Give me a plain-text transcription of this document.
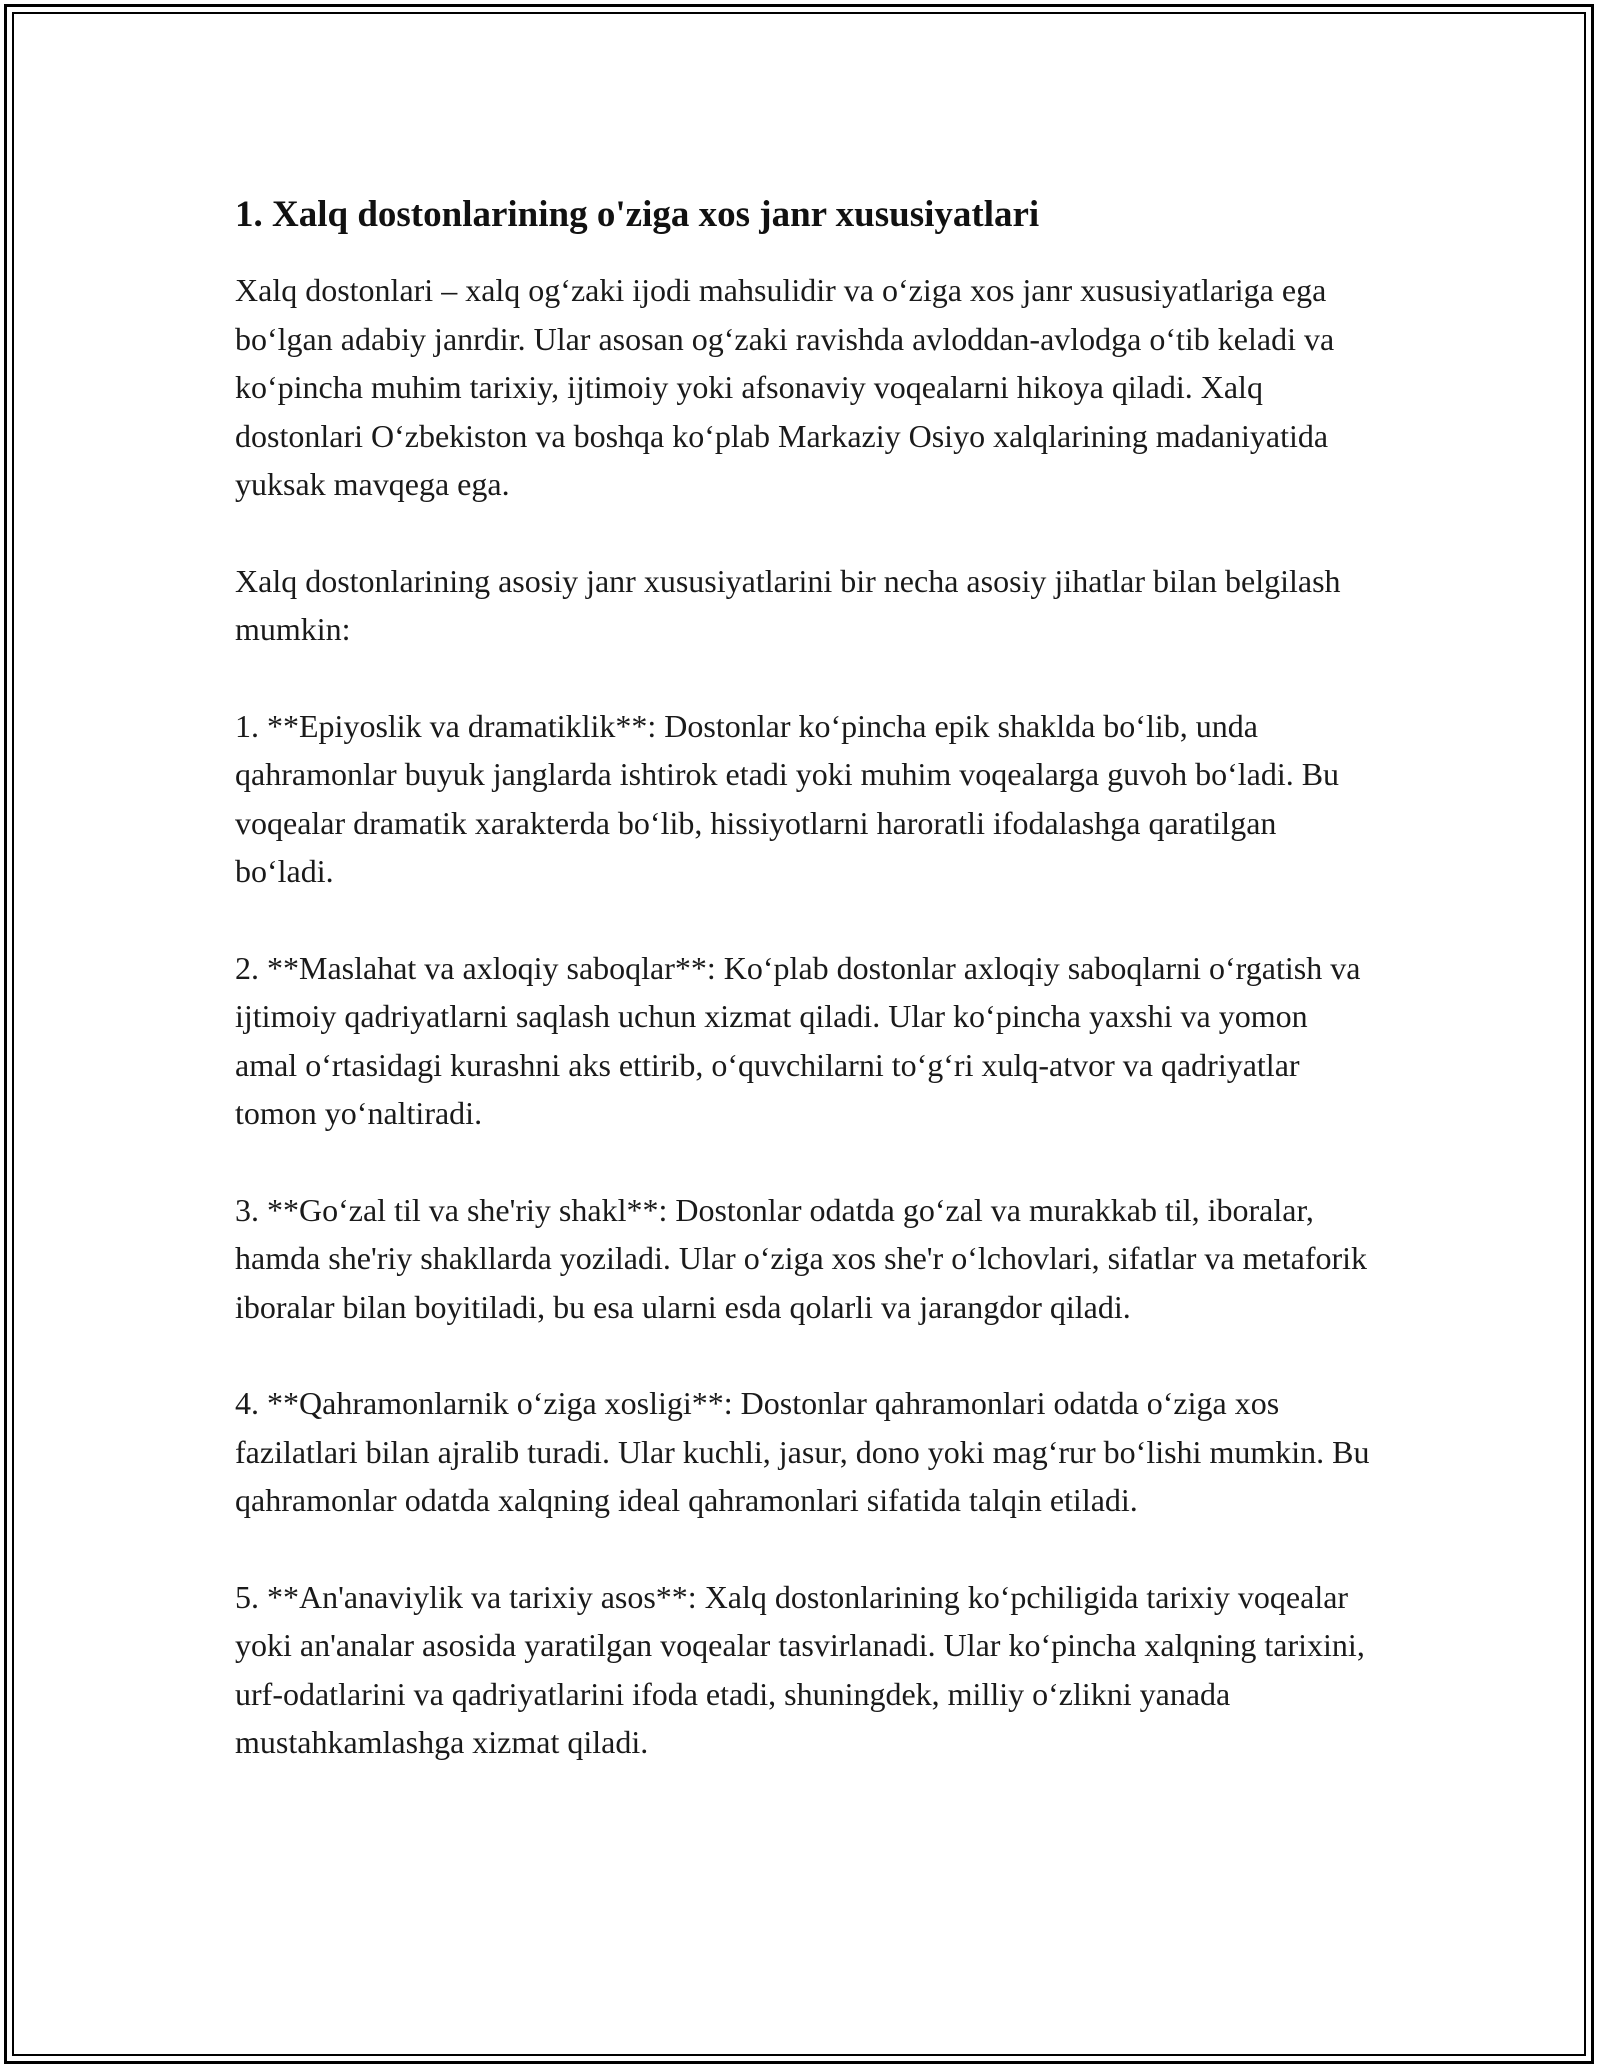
1. Xalq dostonlarining o'ziga xos janr xususiyatlari

Xalq dostonlari – xalq ogʻzaki ijodi mahsulidir va oʻziga xos janr xususiyatlariga ega boʻlgan adabiy janrdir. Ular asosan ogʻzaki ravishda avloddan-avlodga oʻtib keladi va koʻpincha muhim tarixiy, ijtimoiy yoki afsonaviy voqealarni hikoya qiladi. Xalq dostonlari Oʻzbekiston va boshqa koʻplab Markaziy Osiyo xalqlarining madaniyatida yuksak mavqega ega.

Xalq dostonlarining asosiy janr xususiyatlarini bir necha asosiy jihatlar bilan belgilash mumkin:

1. **Epiyoslik va dramatiklik**: Dostonlar koʻpincha epik shaklda boʻlib, unda qahramonlar buyuk janglarda ishtirok etadi yoki muhim voqealarga guvoh boʻladi. Bu voqealar dramatik xarakterda boʻlib, hissiyotlarni haroratli ifodalashga qaratilgan boʻladi.

2. **Maslahat va axloqiy saboqlar**: Koʻplab dostonlar axloqiy saboqlarni oʻrgatish va ijtimoiy qadriyatlarni saqlash uchun xizmat qiladi. Ular koʻpincha yaxshi va yomon amal oʻrtasidagi kurashni aks ettirib, oʻquvchilarni toʻgʻri xulq-atvor va qadriyatlar tomon yoʻnaltiradi.

3. **Goʻzal til va she'riy shakl**: Dostonlar odatda goʻzal va murakkab til, iboralar, hamda she'riy shakllarda yoziladi. Ular oʻziga xos she'r oʻlchovlari, sifatlar va metaforik iboralar bilan boyitiladi, bu esa ularni esda qolarli va jarangdor qiladi.

4. **Qahramonlarnik oʻziga xosligi**: Dostonlar qahramonlari odatda oʻziga xos fazilatlari bilan ajralib turadi. Ular kuchli, jasur, dono yoki magʻrur boʻlishi mumkin. Bu qahramonlar odatda xalqning ideal qahramonlari sifatida talqin etiladi.

5. **An'anaviylik va tarixiy asos**: Xalq dostonlarining koʻpchiligida tarixiy voqealar yoki an'analar asosida yaratilgan voqealar tasvirlanadi. Ular koʻpincha xalqning tarixini, urf-odatlarini va qadriyatlarini ifoda etadi, shuningdek, milliy oʻzlikni yanada mustahkamlashga xizmat qiladi.
